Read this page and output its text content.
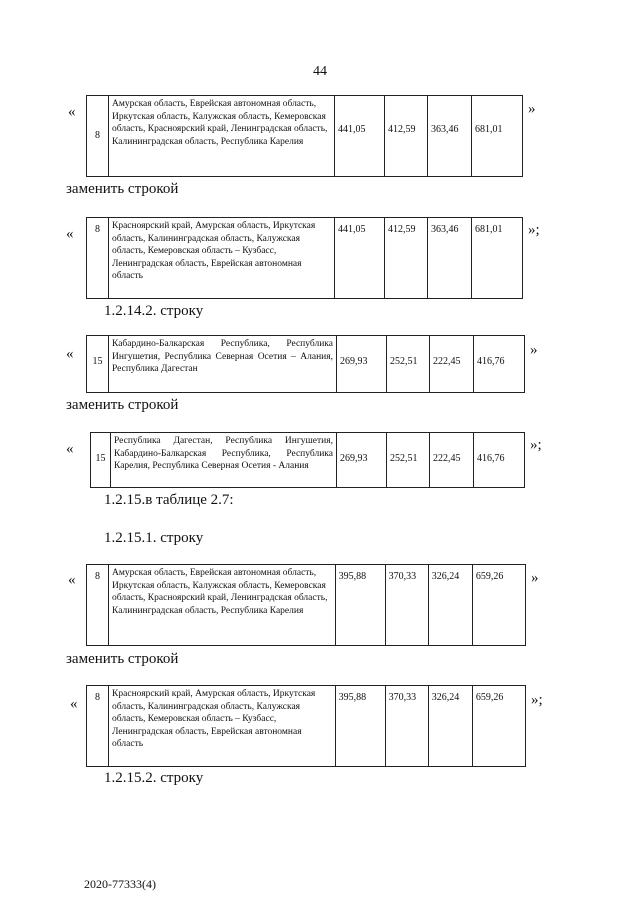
44
«
8	Амурская область, Еврейская автономная область, Иркутская область, Калужская область, Кемеровская область, Красноярский край, Ленинградская область, Калининградская область, Республика Карелия	441,05	412,59	363,46	681,01
»
заменить строкой
« 8	Красноярский край, Амурская область, Иркутская область, Калининградская область, Калужская область, Кемеровская область – Кузбасс, Ленинградская область, Еврейская автономная область	441,05	412,59	363,46	681,01 »;
1.2.14.2. строку
« 15	Кабардино-Балкарская Республика, Республика Ингушетия, Республика Северная Осетия – Алания, Республика Дагестан	269,93	252,51	222,45	416,76
»
заменить строкой
«
15	Республика Дагестан, Республика Ингушетия, Кабардино-Балкарская Республика, Республика Карелия, Республика Северная Осетия - Алания	269,93	252,51	222,45	416,76
»;
1.2.15.в таблице 2.7:
1.2.15.1. строку
« 8	Амурская область, Еврейская автономная область, Иркутская область, Калужская область, Кемеровская область, Красноярский край, Ленинградская область, Калининградская область, Республика Карелия	395,88	370,33	326,24	659,26 »
заменить строкой
« 8	Красноярский край, Амурская область, Иркутская область, Калининградская область, Калужская область, Кемеровская область – Кузбасс, Ленинградская область, Еврейская автономная область	395,88	370,33	326,24	659,26 »;
1.2.15.2. строку
2020-77333(4)
